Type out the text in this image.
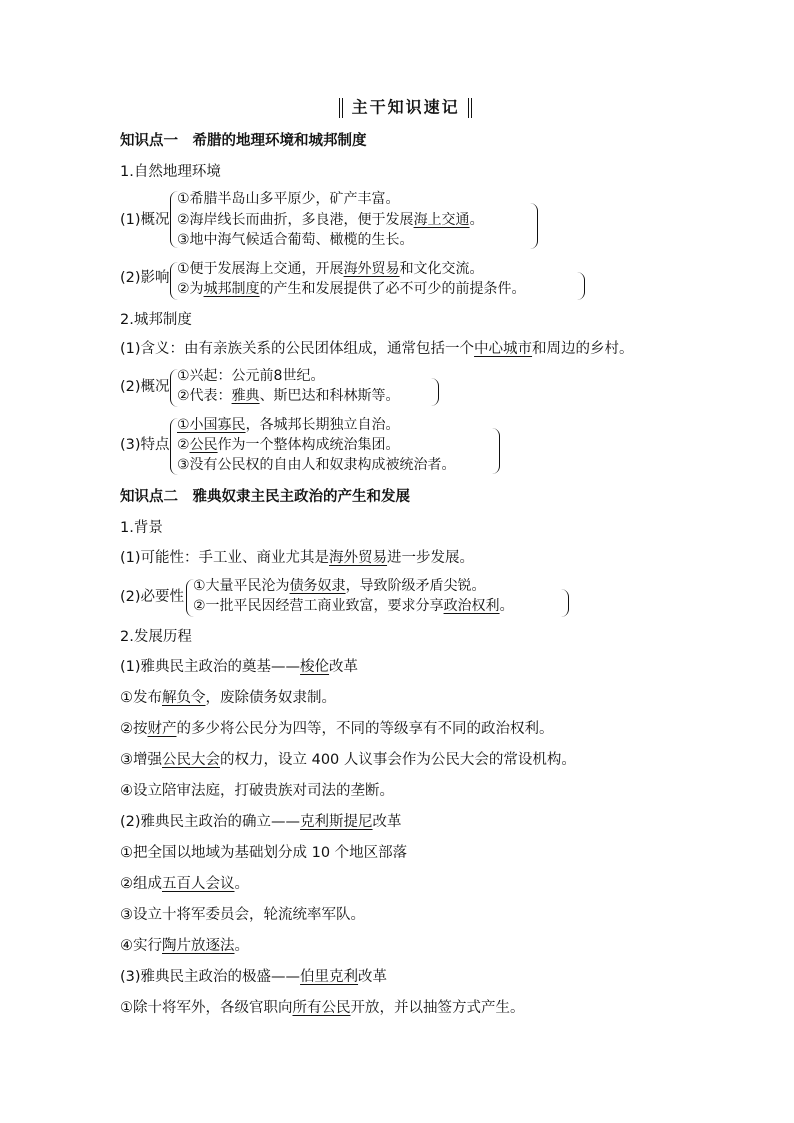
主干知识速记
知识点一　希腊的地理环境和城邦制度
1.自然地理环境
(1)概况
①希腊半岛山多平原少，矿产丰富。
②海岸线长而曲折，多良港，便于发展海上交通。
③地中海气候适合葡萄、橄榄的生长。
(2)影响
①便于发展海上交通，开展海外贸易和文化交流。
②为城邦制度的产生和发展提供了必不可少的前提条件。
2.城邦制度
(1)含义：由有亲族关系的公民团体组成，通常包括一个中心城市和周边的乡村。
(2)概况
①兴起：公元前8世纪。
②代表：雅典、斯巴达和科林斯等。
(3)特点
①小国寡民，各城邦长期独立自治。
②公民作为一个整体构成统治集团。
③没有公民权的自由人和奴隶构成被统治者。
知识点二　雅典奴隶主民主政治的产生和发展
1.背景
(1)可能性：手工业、商业尤其是海外贸易进一步发展。
(2)必要性
①大量平民沦为债务奴隶，导致阶级矛盾尖锐。
②一批平民因经营工商业致富，要求分享政治权利。
2.发展历程
(1)雅典民主政治的奠基——梭伦改革
①发布解负令，废除债务奴隶制。
②按财产的多少将公民分为四等，不同的等级享有不同的政治权利。
③增强公民大会的权力，设立 400 人议事会作为公民大会的常设机构。
④设立陪审法庭，打破贵族对司法的垄断。
(2)雅典民主政治的确立——克利斯提尼改革
①把全国以地域为基础划分成 10 个地区部落
②组成五百人会议。
③设立十将军委员会，轮流统率军队。
④实行陶片放逐法。
(3)雅典民主政治的极盛——伯里克利改革
①除十将军外，各级官职向所有公民开放，并以抽签方式产生。
